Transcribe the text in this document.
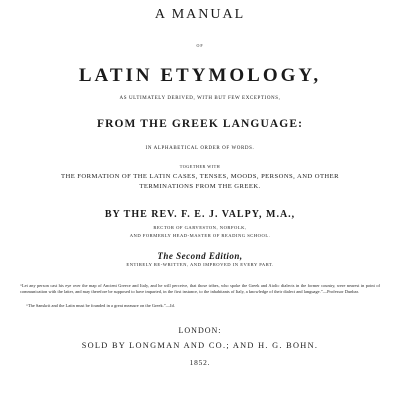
A MANUAL
OF
LATIN ETYMOLOGY,
AS ULTIMATELY DERIVED, WITH BUT FEW EXCEPTIONS,
FROM THE GREEK LANGUAGE:
IN ALPHABETICAL ORDER OF WORDS.
TOGETHER WITH
THE FORMATION OF THE LATIN CASES, TENSES, MOODS, PERSONS, AND OTHER
TERMINATIONS FROM THE GREEK.
BY THE REV. F. E. J. VALPY, M.A.,
RECTOR OF GARVESTON, NORFOLK,
AND FORMERLY HEAD-MASTER OF READING SCHOOL.
The Second Edition,
ENTIRELY RE-WRITTEN, AND IMPROVED IN EVERY PART.
“Let any person cast his eye over the map of Ancient Greece and Italy, and he will perceive, that those tribes, who spoke the Greek and Aiolic dialects in the former country, were nearest in point of communication with the latter, and may therefore be supposed to have imparted, in the first instance, to the inhabitants of Italy, a knowledge of their dialect and language.”—Professor Dunbar.
“The Sanskrit and the Latin must be founded in a great measure on the Greek.”—Id.
LONDON:
SOLD BY LONGMAN AND CO.; AND H. G. BOHN.
1852.
